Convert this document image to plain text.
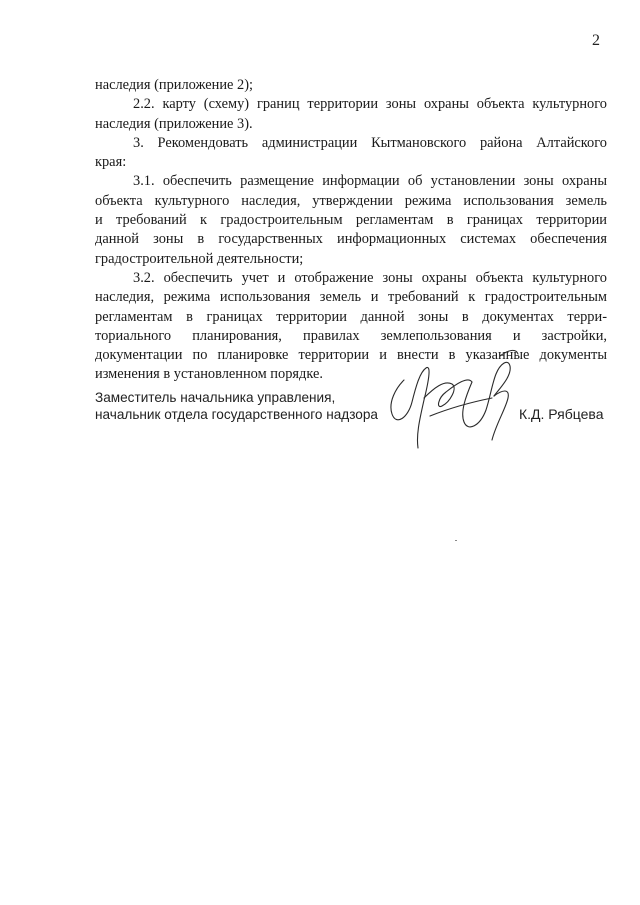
2
наследия (приложение 2);
2.2. карту (схему) границ территории зоны охраны объекта культурного
наследия (приложение 3).
3. Рекомендовать администрации Кытмановского района Алтайского
края:
3.1. обеспечить размещение информации об установлении зоны охраны
объекта культурного наследия, утверждении режима использования земель
и требований к градостроительным регламентам в границах территории
данной зоны в государственных информационных системах обеспечения
градостроительной деятельности;
3.2. обеспечить учет и отображение зоны охраны объекта культурного
наследия, режима использования земель и требований к градостроительным
регламентам в границах территории данной зоны в документах терри-
ториального планирования, правилах землепользования и застройки,
документации по планировке территории и внести в указанные документы
изменения в установленном порядке.
Заместитель начальника управления,
начальник отдела государственного надзора	К.Д. Рябцева
